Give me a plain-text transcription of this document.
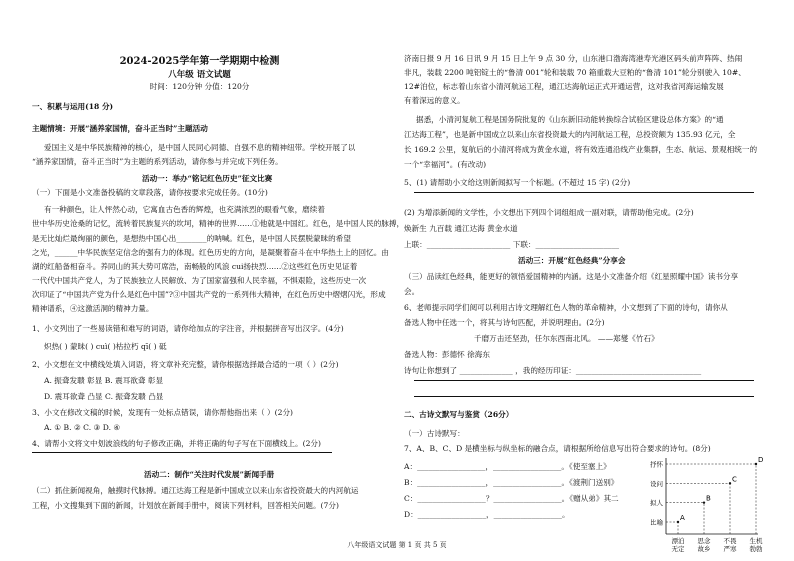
2024-2025学年第一学期期中检测
八年级 语文试题
时间：120分钟 分值：120分
一、积累与运用(18 分)
主题情境：开展“涵养家国情，奋斗正当时”主题活动
爱国主义是中华民族精神的核心，是中国人民同心同德、自强不息的精神纽带。学校开展了以
“涵养家国情，奋斗正当时”为主题的系列活动，请你参与并完成下列任务。
活动一：举办“铭记红色历史”征文比赛
（一）下面是小文准备投稿的文章段落，请你按要求完成任务。(10分)
有一种颜色，让人怦然心动，它寓血古色香的辉煌，也充满浓烈的眼看气象，磨续着
世中华历史沧桑的记忆，流转着民族复兴的坎坷，精神的世界……①他就是中国红。红色，是中国人民的脉搏，
是无比灿烂最绚丽的颜色，是想热中国心出________的呐喊。红色，是中国人民摆脱蒙昧的希望
之光，______中华民族坚定信念的强有力的体现。红色历史的方向，是凝聚着奋斗在中华热土上的回忆。由
湖的红船备相奋斗。养同山的其大势可席浩，南畅般的风浪 cui扬抉烈……②这些红色历史见证着
一代代中国共产党人，为了民族独立人民解放、为了国家富强和人民幸福，不惧艰险，这些历史一次
次印证了“中国共产党为什么是红色中国”?③中国共产党的一系列伟大精神，在红色历史中熠熠闪光，形成
精神谱系，④这激活洞的精神力量。
1、小文列出了一些易读错和难写的词语，请你给加点的字注音，并根据拼音写出汉字。(4分)
炽热( ) 蒙昧( ) cuì( )枯拉朽 qī( ) 砥
2、小文想在文中横线处填入词语，将文章补充完整，请你根据选择最合适的一项（ ）(2分)
A. 振聋发聩 彰显 B. 震耳欲聋 彰显
D. 震耳欲聋 凸显 C. 振聋发聩 凸显
3、小文在修改文稿的时候，发现有一处标点错误，请你帮他指出来（ ）(2分)
A. ① B. ② C. ③ D. ④
4、请帮小文将文中划波浪线的句子修改正确，并将正确的句子写在下面横线上。(2分)
活动二：制作“关注时代发展”新闻手册
（二）抓住新闻视角，触摸时代脉搏。通江达海工程是新中国成立以来山东省投资最大的内河航运
工程，小文搜集到下面的新闻，计划放在新闻手册中，阅读下列材料，回答相关问题。(7分)
济南日报 9 月 16 日讯 9 月 15 日上午 9 点 30 分，山东港口渤海湾港寿光港区码头前声阵阵、热闹
非凡，装载 2200 吨铝锭土的“鲁清 001”轮和装载 70 箱重载大豆粕的“鲁清 101”轮分别驶入 10#、
12#泊位，标志着山东省小清河航运工程，通江达海航运正式开通运营，这对我省河海运输发展
有着深远的意义。
据悉，小清河复航工程是国务院批复的《山东新旧动能转换综合试验区建设总体方案》的“通
江达海工程”，也是新中国成立以来山东省投资最大的内河航运工程，总投资额为 135.93 亿元，全
长 169.2 公里，复航后的小清河将成为黄金水道，将有效连通沿线产业集群，生态、航运、景观相统一的
一个“幸福河”。(有改动)
5、(1) 请帮助小文给这则新闻拟写一个标题。(不超过 15 字) (2分)
(2) 为增添新闻的文学性，小文想出下列四个词组组成一副对联，请帮助他完成。(2分)
焕新生 九百载 通江达海 黄金水道
上联：______________________ 下联：______________________
活动三：开展“红色经典”分享会
（三）品读红色经典，能更好的领悟爱国精神的内涵。这是小文准备介绍《红星照耀中国》读书分享
会。
6、老师提示同学们阅可以利用古诗文理解红色人物的革命精神，小文想到了下面的诗句，请你从
备选人物中任选一个，将其与诗句匹配，并说明理由。(2分)
千磨万击还坚劲，任尔东西南北风。 ——郑燮《竹石》
备选人物：彭德怀 徐海东
诗句让你想到了 ______________ ，我的经历印证：_________________________________
二、古诗文默写与鉴赏（26分）
（一）古诗默写：
7、A、B、C、D 是横坐标与纵坐标的融合点，请根据所给信息写出符合要求的诗句。(8分)
A：__________________，__________________。《使至塞上》
B：__________________，__________________。《渡荆门送别》
C：__________________？__________________。《赠从弟》其二
D：__________________，__________________。
比喻
拟人
设问
抒怀
漂泊
无定
思念
故乡
不畏
严寒
生机
勃勃
A
B
C
D
八年级语文试题 第 1 页 共 5 页
